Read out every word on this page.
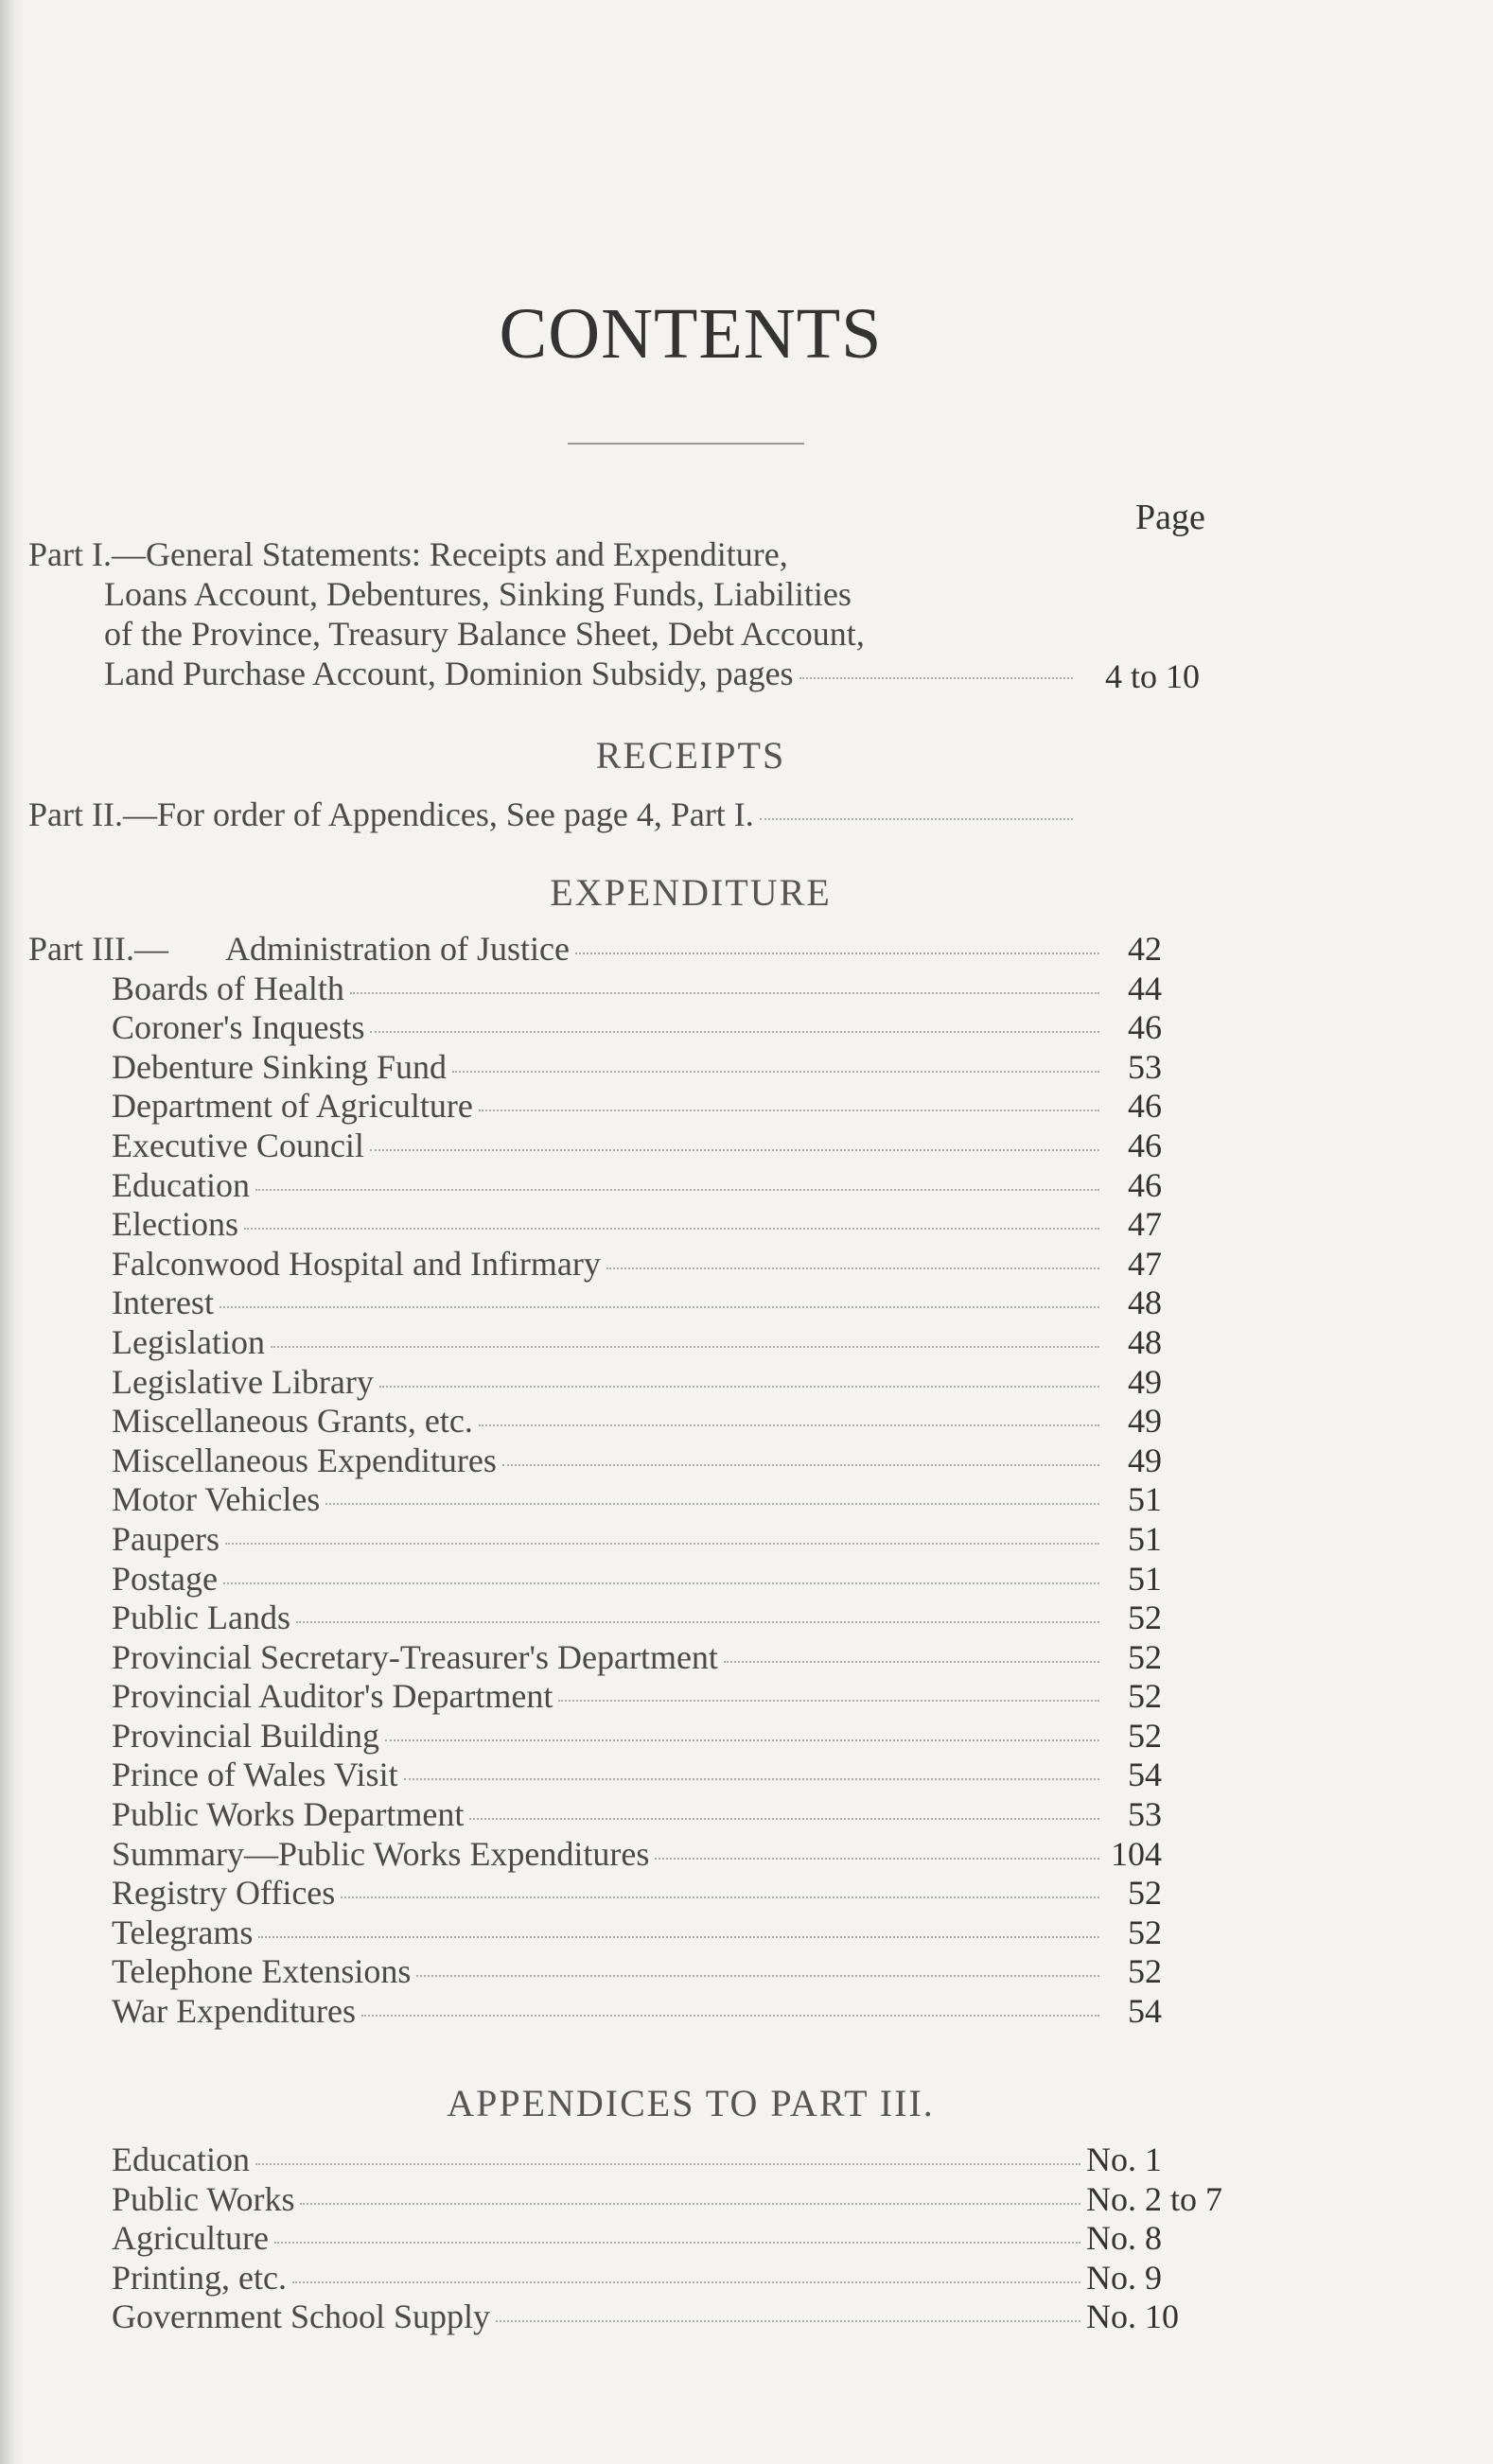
CONTENTS
Page
Part I.—General Statements: Receipts and Expenditure,
Loans Account, Debentures, Sinking Funds, Liabilities
of the Province, Treasury Balance Sheet, Debt Account,
Land Purchase Account, Dominion Subsidy, pages	4 to 10
RECEIPTS
Part II.—For order of Appendices, See page 4, Part I.
EXPENDITURE
Part III.— Administration of Justice	42
Boards of Health	44
Coroner's Inquests	46
Debenture Sinking Fund	53
Department of Agriculture	46
Executive Council	46
Education	46
Elections	47
Falconwood Hospital and Infirmary	47
Interest	48
Legislation	48
Legislative Library	49
Miscellaneous Grants, etc.	49
Miscellaneous Expenditures	49
Motor Vehicles	51
Paupers	51
Postage	51
Public Lands	52
Provincial Secretary-Treasurer's Department	52
Provincial Auditor's Department	52
Provincial Building	52
Prince of Wales Visit	54
Public Works Department	53
Summary—Public Works Expenditures	104
Registry Offices	52
Telegrams	52
Telephone Extensions	52
War Expenditures	54
APPENDICES TO PART III.
Education	No. 1
Public Works	No. 2 to 7
Agriculture	No. 8
Printing, etc.	No. 9
Government School Supply	No. 10
